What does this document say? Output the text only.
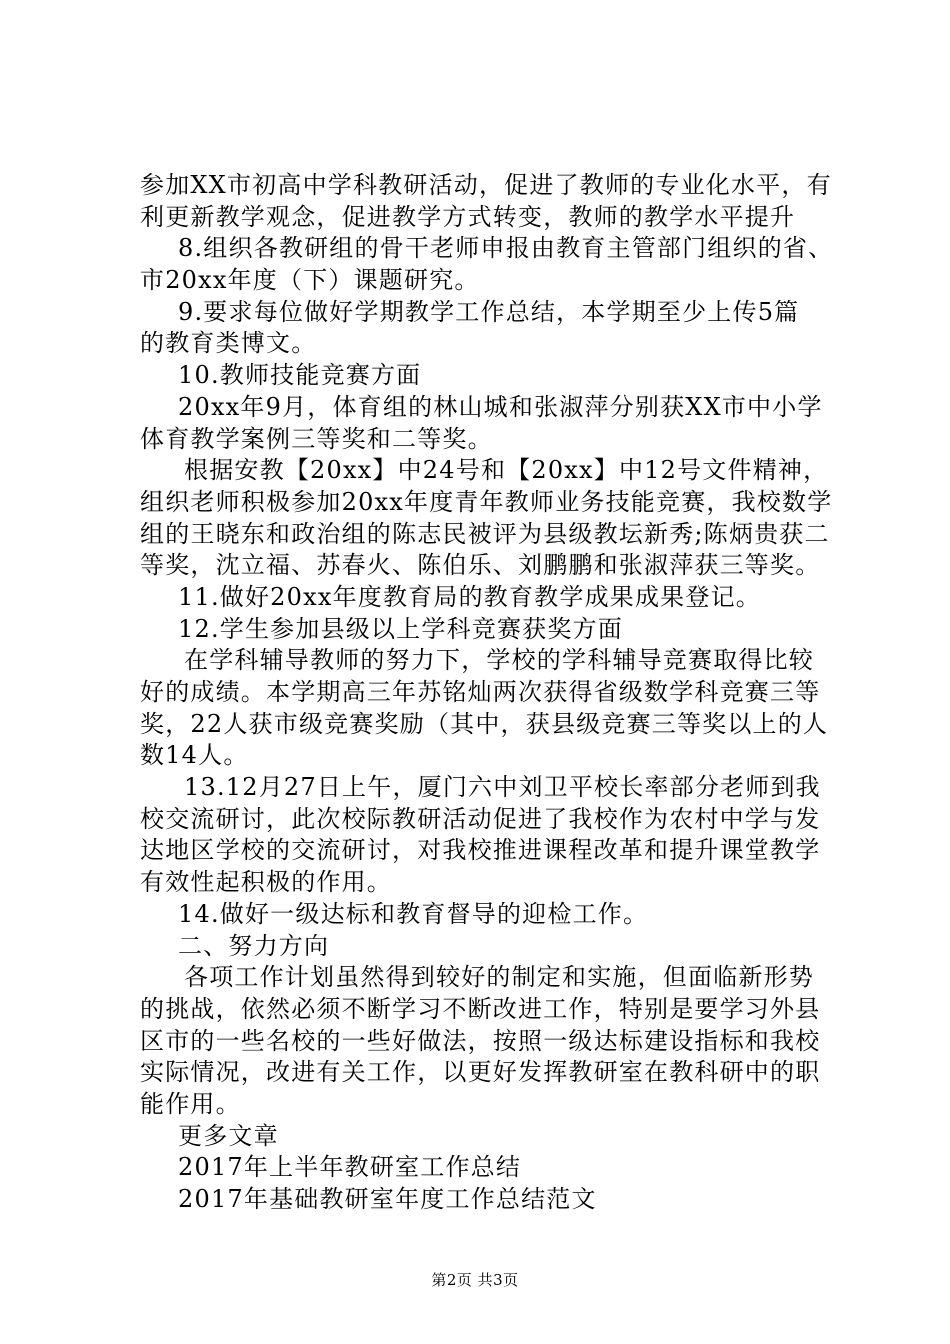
参加XX市初高中学科教研活动，促进了教师的专业化水平，有
利更新教学观念，促进教学方式转变，教师的教学水平提升
8.组织各教研组的骨干老师申报由教育主管部门组织的省、
市20xx年度（下）课题研究。
9.要求每位做好学期教学工作总结，本学期至少上传5篇
的教育类博文。
10.教师技能竞赛方面
20xx年9月，体育组的林山城和张淑萍分别获XX市中小学
体育教学案例三等奖和二等奖。
根据安教【20xx】中24号和【20xx】中12号文件精神，
组织老师积极参加20xx年度青年教师业务技能竞赛，我校数学
组的王晓东和政治组的陈志民被评为县级教坛新秀;陈炳贵获二
等奖，沈立福、苏春火、陈伯乐、刘鹏鹏和张淑萍获三等奖。
11.做好20xx年度教育局的教育教学成果成果登记。
12.学生参加县级以上学科竞赛获奖方面
在学科辅导教师的努力下，学校的学科辅导竞赛取得比较
好的成绩。本学期高三年苏铭灿两次获得省级数学科竞赛三等
奖，22人获市级竞赛奖励（其中，获县级竞赛三等奖以上的人
数14人。
13.12月27日上午，厦门六中刘卫平校长率部分老师到我
校交流研讨，此次校际教研活动促进了我校作为农村中学与发
达地区学校的交流研讨，对我校推进课程改革和提升课堂教学
有效性起积极的作用。
14.做好一级达标和教育督导的迎检工作。
二、努力方向
各项工作计划虽然得到较好的制定和实施，但面临新形势
的挑战，依然必须不断学习不断改进工作，特别是要学习外县
区市的一些名校的一些好做法，按照一级达标建设指标和我校
实际情况，改进有关工作，以更好发挥教研室在教科研中的职
能作用。
更多文章
2017年上半年教研室工作总结
2017年基础教研室年度工作总结范文
第2页 共3页
